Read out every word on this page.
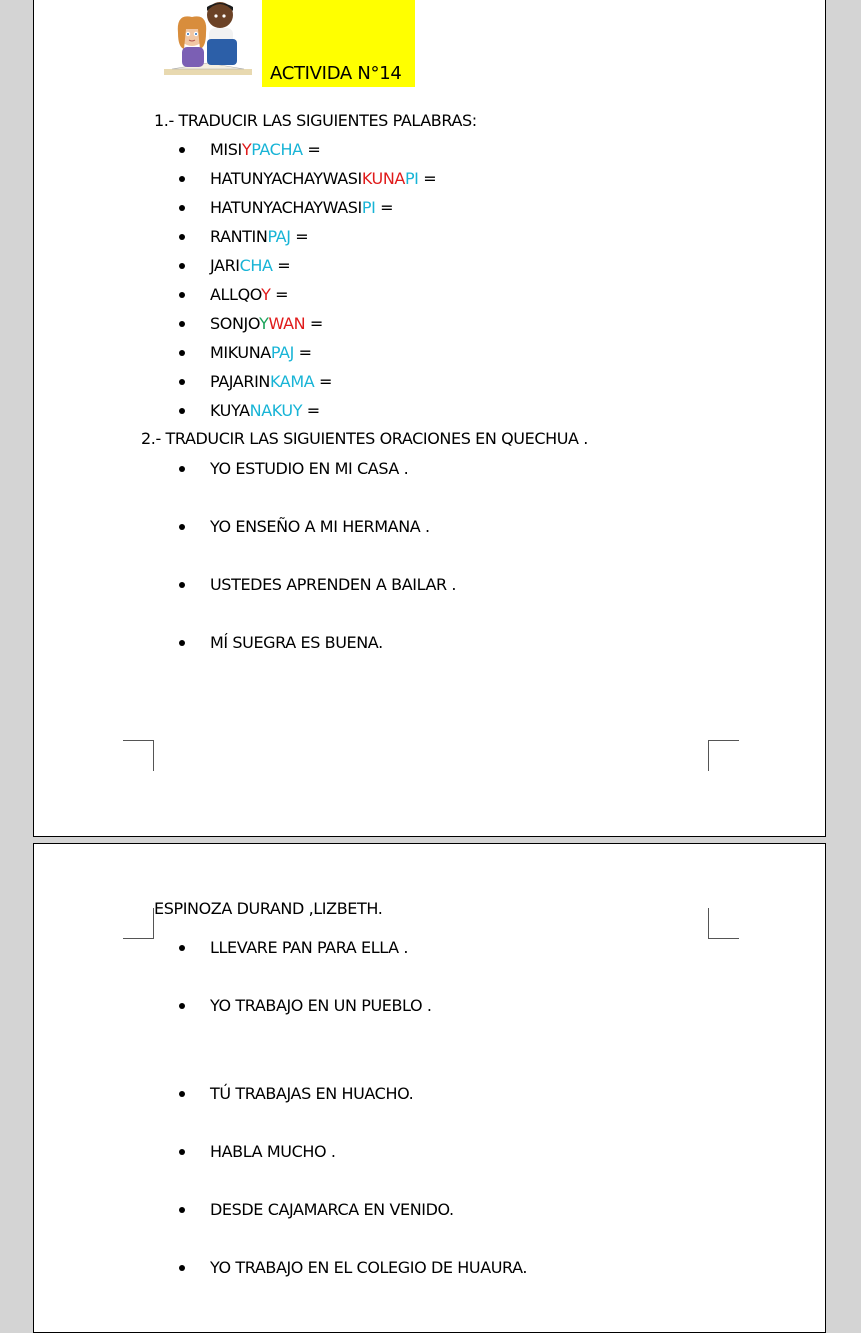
ACTIVIDA N°14
1.- TRADUCIR LAS SIGUIENTES PALABRAS:
MISIYPACHA =
HATUNYACHAYWASIKUNAPI =
HATUNYACHAYWASIPI =
RANTINPAJ =
JARICHA =
ALLQOY =
SONJOYWAN =
MIKUNAPAJ =
PAJARINKAMA =
KUYANAKUY =
2.- TRADUCIR LAS SIGUIENTES ORACIONES EN QUECHUA .
YO ESTUDIO EN MI CASA .
YO ENSEÑO A MI HERMANA .
USTEDES APRENDEN A BAILAR .
MÍ SUEGRA ES BUENA.
ESPINOZA DURAND ,LIZBETH.
LLEVARE PAN PARA ELLA .
YO TRABAJO EN UN PUEBLO .
TÚ TRABAJAS EN HUACHO.
HABLA MUCHO .
DESDE CAJAMARCA EN VENIDO.
YO TRABAJO EN EL COLEGIO DE HUAURA.
